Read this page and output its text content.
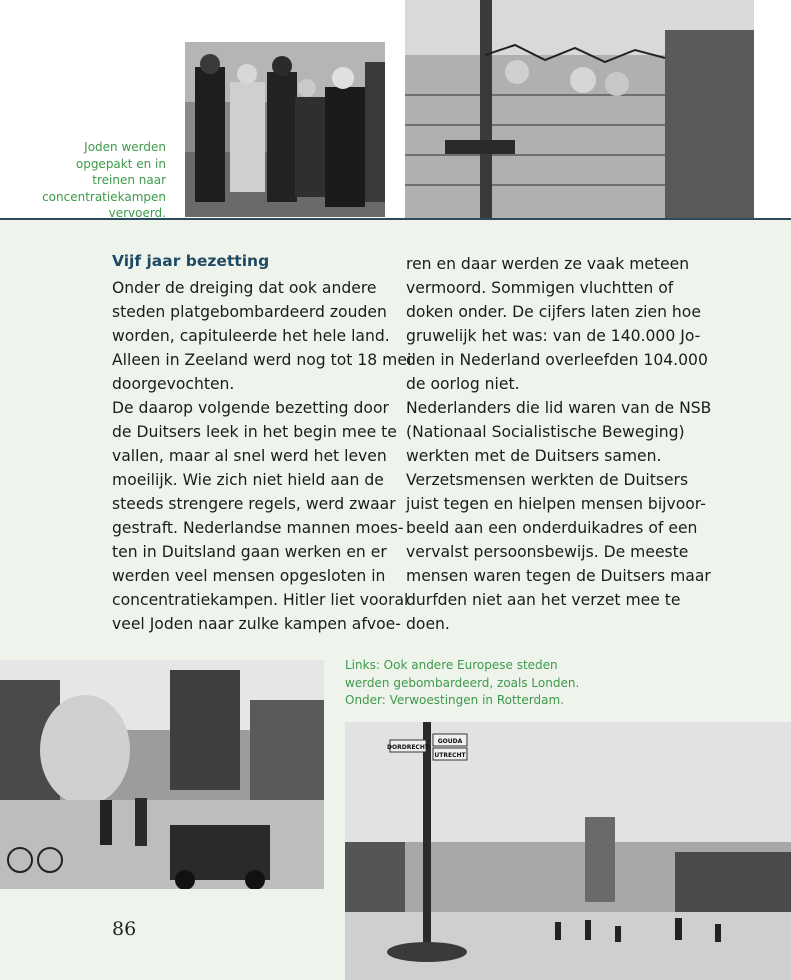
Joden werden opgepakt en in treinen naar concentratiekampen vervoerd.
Vijf jaar bezetting
Onder de dreiging dat ook andere
steden platgebombardeerd zouden
worden, capituleerde het hele land.
Alleen in Zeeland werd nog tot 18 mei
doorgevochten.
De daarop volgende bezetting door
de Duitsers leek in het begin mee te
vallen, maar al snel werd het leven
moeilijk. Wie zich niet hield aan de
steeds strengere regels, werd zwaar
gestraft. Nederlandse mannen moes-
ten in Duitsland gaan werken en er
werden veel mensen opgesloten in
concentratiekampen. Hitler liet vooral
veel Joden naar zulke kampen afvoe-
ren en daar werden ze vaak meteen
vermoord. Sommigen vluchtten of
doken onder. De cijfers laten zien hoe
gruwelijk het was: van de 140.000 Jo-
den in Nederland overleefden 104.000
de oorlog niet.
Nederlanders die lid waren van de NSB
(Nationaal Socialistische Beweging)
werkten met de Duitsers samen.
Verzetsmensen werkten de Duitsers
juist tegen en hielpen mensen bijvoor-
beeld aan een onderduikadres of een
vervalst persoonsbewijs. De meeste
mensen waren tegen de Duitsers maar
durfden niet aan het verzet mee te
doen.
Links: Ook andere Europese steden
werden gebombardeerd, zoals Londen.
Onder: Verwoestingen in Rotterdam.
DORDRECHT
GOUDA
UTRECHT
86
